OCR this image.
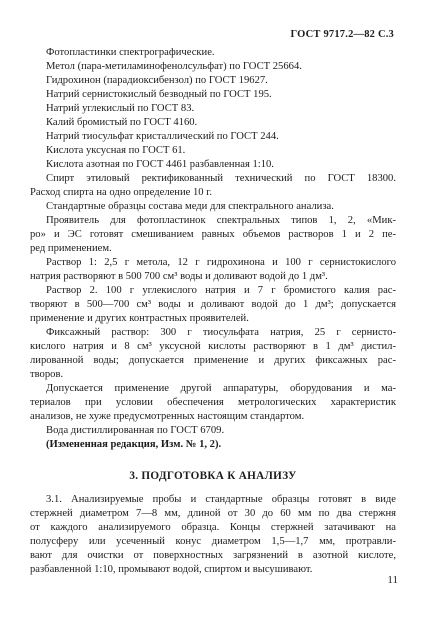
ГОСТ 9717.2—82 С.3

Фотопластинки спектрографические.

Метол (пара-метиламинофенолсульфат) по ГОСТ 25664.

Гидрохинон (парадиоксибензол) по ГОСТ 19627.

Натрий сернистокислый безводный по ГОСТ 195.

Натрий углекислый по ГОСТ 83.

Калий бромистый по ГОСТ 4160.

Натрий тиосульфат кристаллический по ГОСТ 244.

Кислота уксусная по ГОСТ 61.

Кислота азотная по ГОСТ 4461 разбавленная 1:10.

Спирт этиловый ректификованный технический по ГОСТ 18300.

Расход спирта на одно определение 10 г.

Стандартные образцы состава меди для спектрального анализа.

Проявитель для фотопластинок спектральных типов 1, 2, «Мик-

ро» и ЭС готовят смешиванием равных объемов растворов 1 и 2 пе-

ред применением.

Раствор 1: 2,5 г метола, 12 г гидрохинона и 100 г сернистокислого

натрия растворяют в 500 700 см³ воды и доливают водой до 1 дм³.

Раствор 2. 100 г углекислого натрия и 7 г бромистого калия рас-

творяют в 500—700 см³ воды и доливают водой до 1 дм³; допускается

применение и других контрастных проявителей.

Фиксажный раствор: 300 г тиосульфата натрия, 25 г сернисто-

кислого натрия и 8 см³ уксусной кислоты растворяют в 1 дм³ дистил-

лированной воды; допускается применение и других фиксажных рас-

творов.

Допускается применение другой аппаратуры, оборудования и ма-

териалов при условии обеспечения метрологических характеристик

анализов, не хуже предусмотренных настоящим стандартом.

Вода дистиллированная по ГОСТ 6709.

(Измененная редакция, Изм. № 1, 2).

3. ПОДГОТОВКА К АНАЛИЗУ

3.1. Анализируемые пробы и стандартные образцы готовят в виде

стержней диаметром 7—8 мм, длиной от 30 до 60 мм по два стержня

от каждого анализируемого образца. Концы стержней затачивают на

полусферу или усеченный конус диаметром 1,5—1,7 мм, протравли-

вают для очистки от поверхностных загрязнений в азотной кислоте,

разбавленной 1:10, промывают водой, спиртом и высушивают.

11
